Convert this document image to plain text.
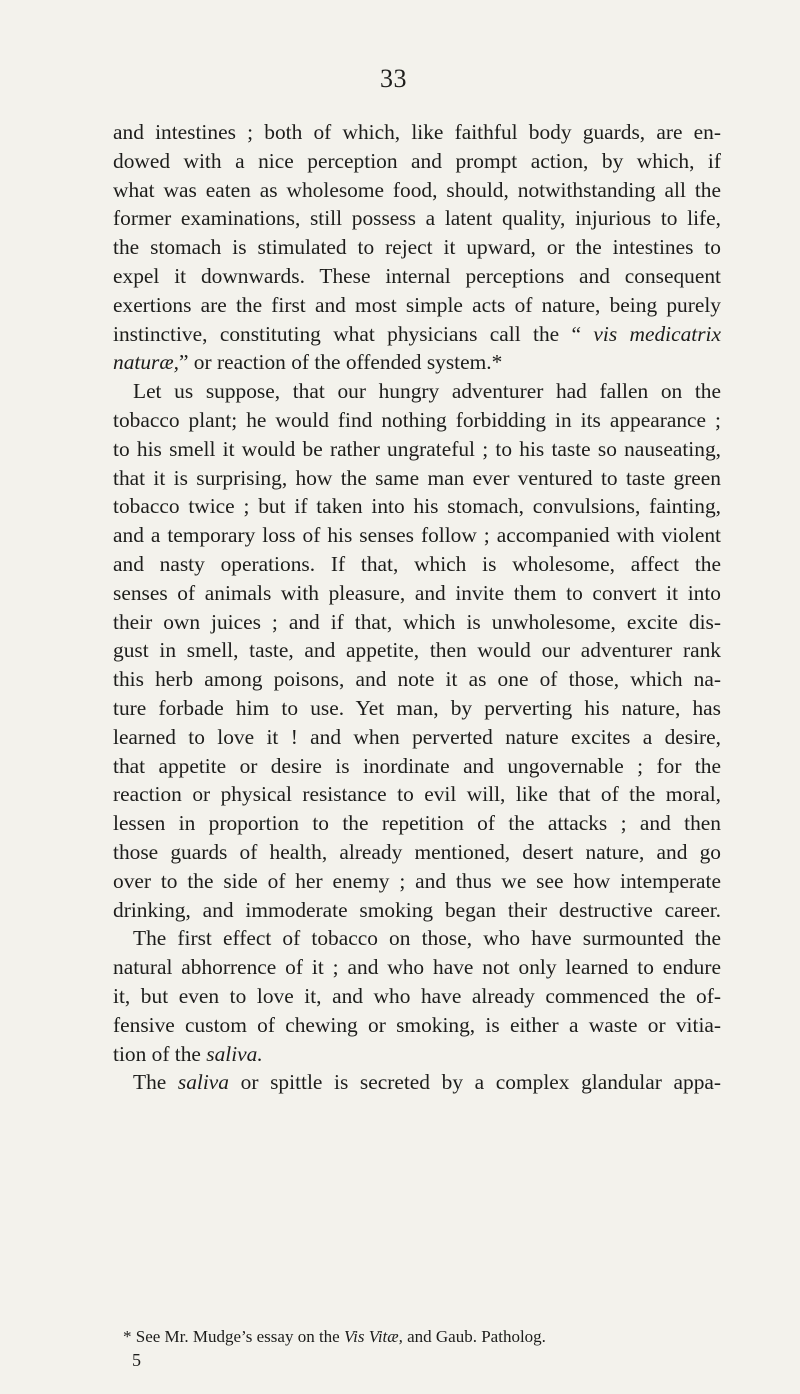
33
and intestines ; both of which, like faithful body guards, are en-
dowed with a nice perception and prompt action, by which, if
what was eaten as wholesome food, should, notwithstanding all the
former examinations, still possess a latent quality, injurious to life,
the stomach is stimulated to reject it upward, or the intestines to
expel it downwards. These internal perceptions and consequent
exertions are the first and most simple acts of nature, being purely
instinctive, constituting what physicians call the “ vis medicatrix
naturæ,” or reaction of the offended system.*
Let us suppose, that our hungry adventurer had fallen on the
tobacco plant; he would find nothing forbidding in its appearance ;
to his smell it would be rather ungrateful ; to his taste so nauseating,
that it is surprising, how the same man ever ventured to taste green
tobacco twice ; but if taken into his stomach, convulsions, fainting,
and a temporary loss of his senses follow ; accompanied with violent
and nasty operations. If that, which is wholesome, affect the
senses of animals with pleasure, and invite them to convert it into
their own juices ; and if that, which is unwholesome, excite dis-
gust in smell, taste, and appetite, then would our adventurer rank
this herb among poisons, and note it as one of those, which na-
ture forbade him to use. Yet man, by perverting his nature, has
learned to love it ! and when perverted nature excites a desire,
that appetite or desire is inordinate and ungovernable ; for the
reaction or physical resistance to evil will, like that of the moral,
lessen in proportion to the repetition of the attacks ; and then
those guards of health, already mentioned, desert nature, and go
over to the side of her enemy ; and thus we see how intemperate
drinking, and immoderate smoking began their destructive career.
The first effect of tobacco on those, who have surmounted the
natural abhorrence of it ; and who have not only learned to endure
it, but even to love it, and who have already commenced the of-
fensive custom of chewing or smoking, is either a waste or vitia-
tion of the saliva.
The saliva or spittle is secreted by a complex glandular appa-
* See Mr. Mudge’s essay on the Vis Vitæ, and Gaub. Patholog.
5
